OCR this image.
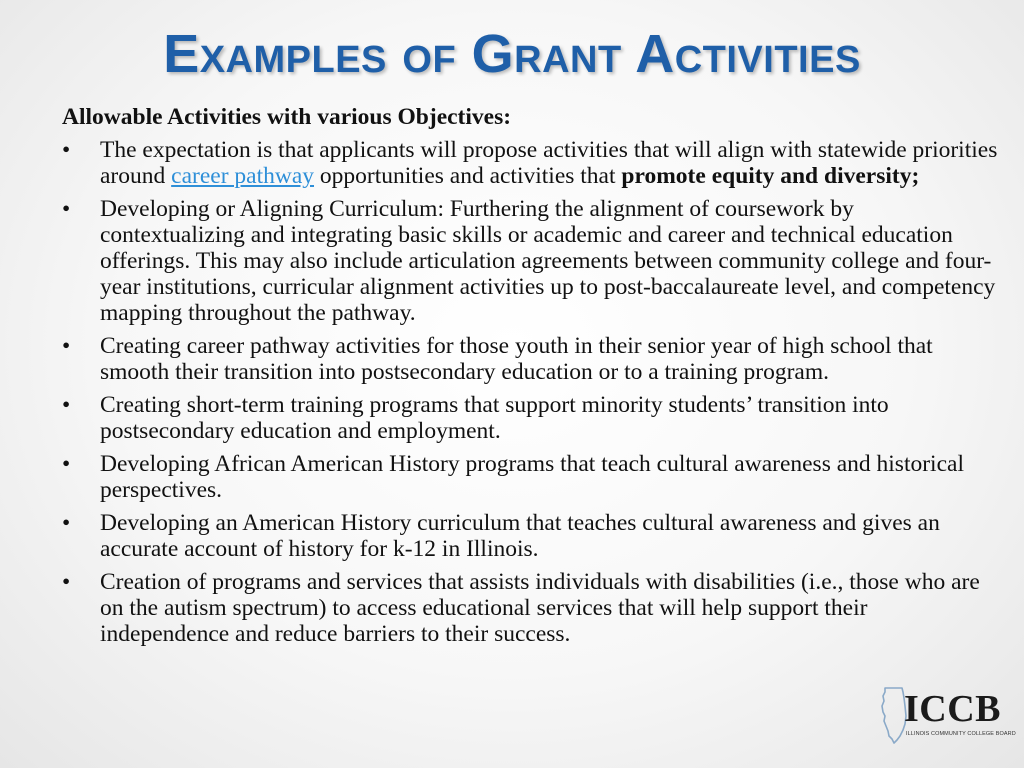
Examples of Grant Activities
Allowable Activities with various Objectives:
• The expectation is that applicants will propose activities that will align with statewide priorities around career pathway opportunities and activities that promote equity and diversity;
• Developing or Aligning Curriculum: Furthering the alignment of coursework by contextualizing and integrating basic skills or academic and career and technical education offerings. This may also include articulation agreements between community college and four-year institutions, curricular alignment activities up to post-baccalaureate level, and competency mapping throughout the pathway.
• Creating career pathway activities for those youth in their senior year of high school that smooth their transition into postsecondary education or to a training program.
• Creating short-term training programs that support minority students’ transition into postsecondary education and employment.
• Developing African American History programs that teach cultural awareness and historical perspectives.
• Developing an American History curriculum that teaches cultural awareness and gives an accurate account of history for k-12 in Illinois.
• Creation of programs and services that assists individuals with disabilities (i.e., those who are on the autism spectrum) to access educational services that will help support their independence and reduce barriers to their success.
ICCB
ILLINOIS COMMUNITY COLLEGE BOARD
